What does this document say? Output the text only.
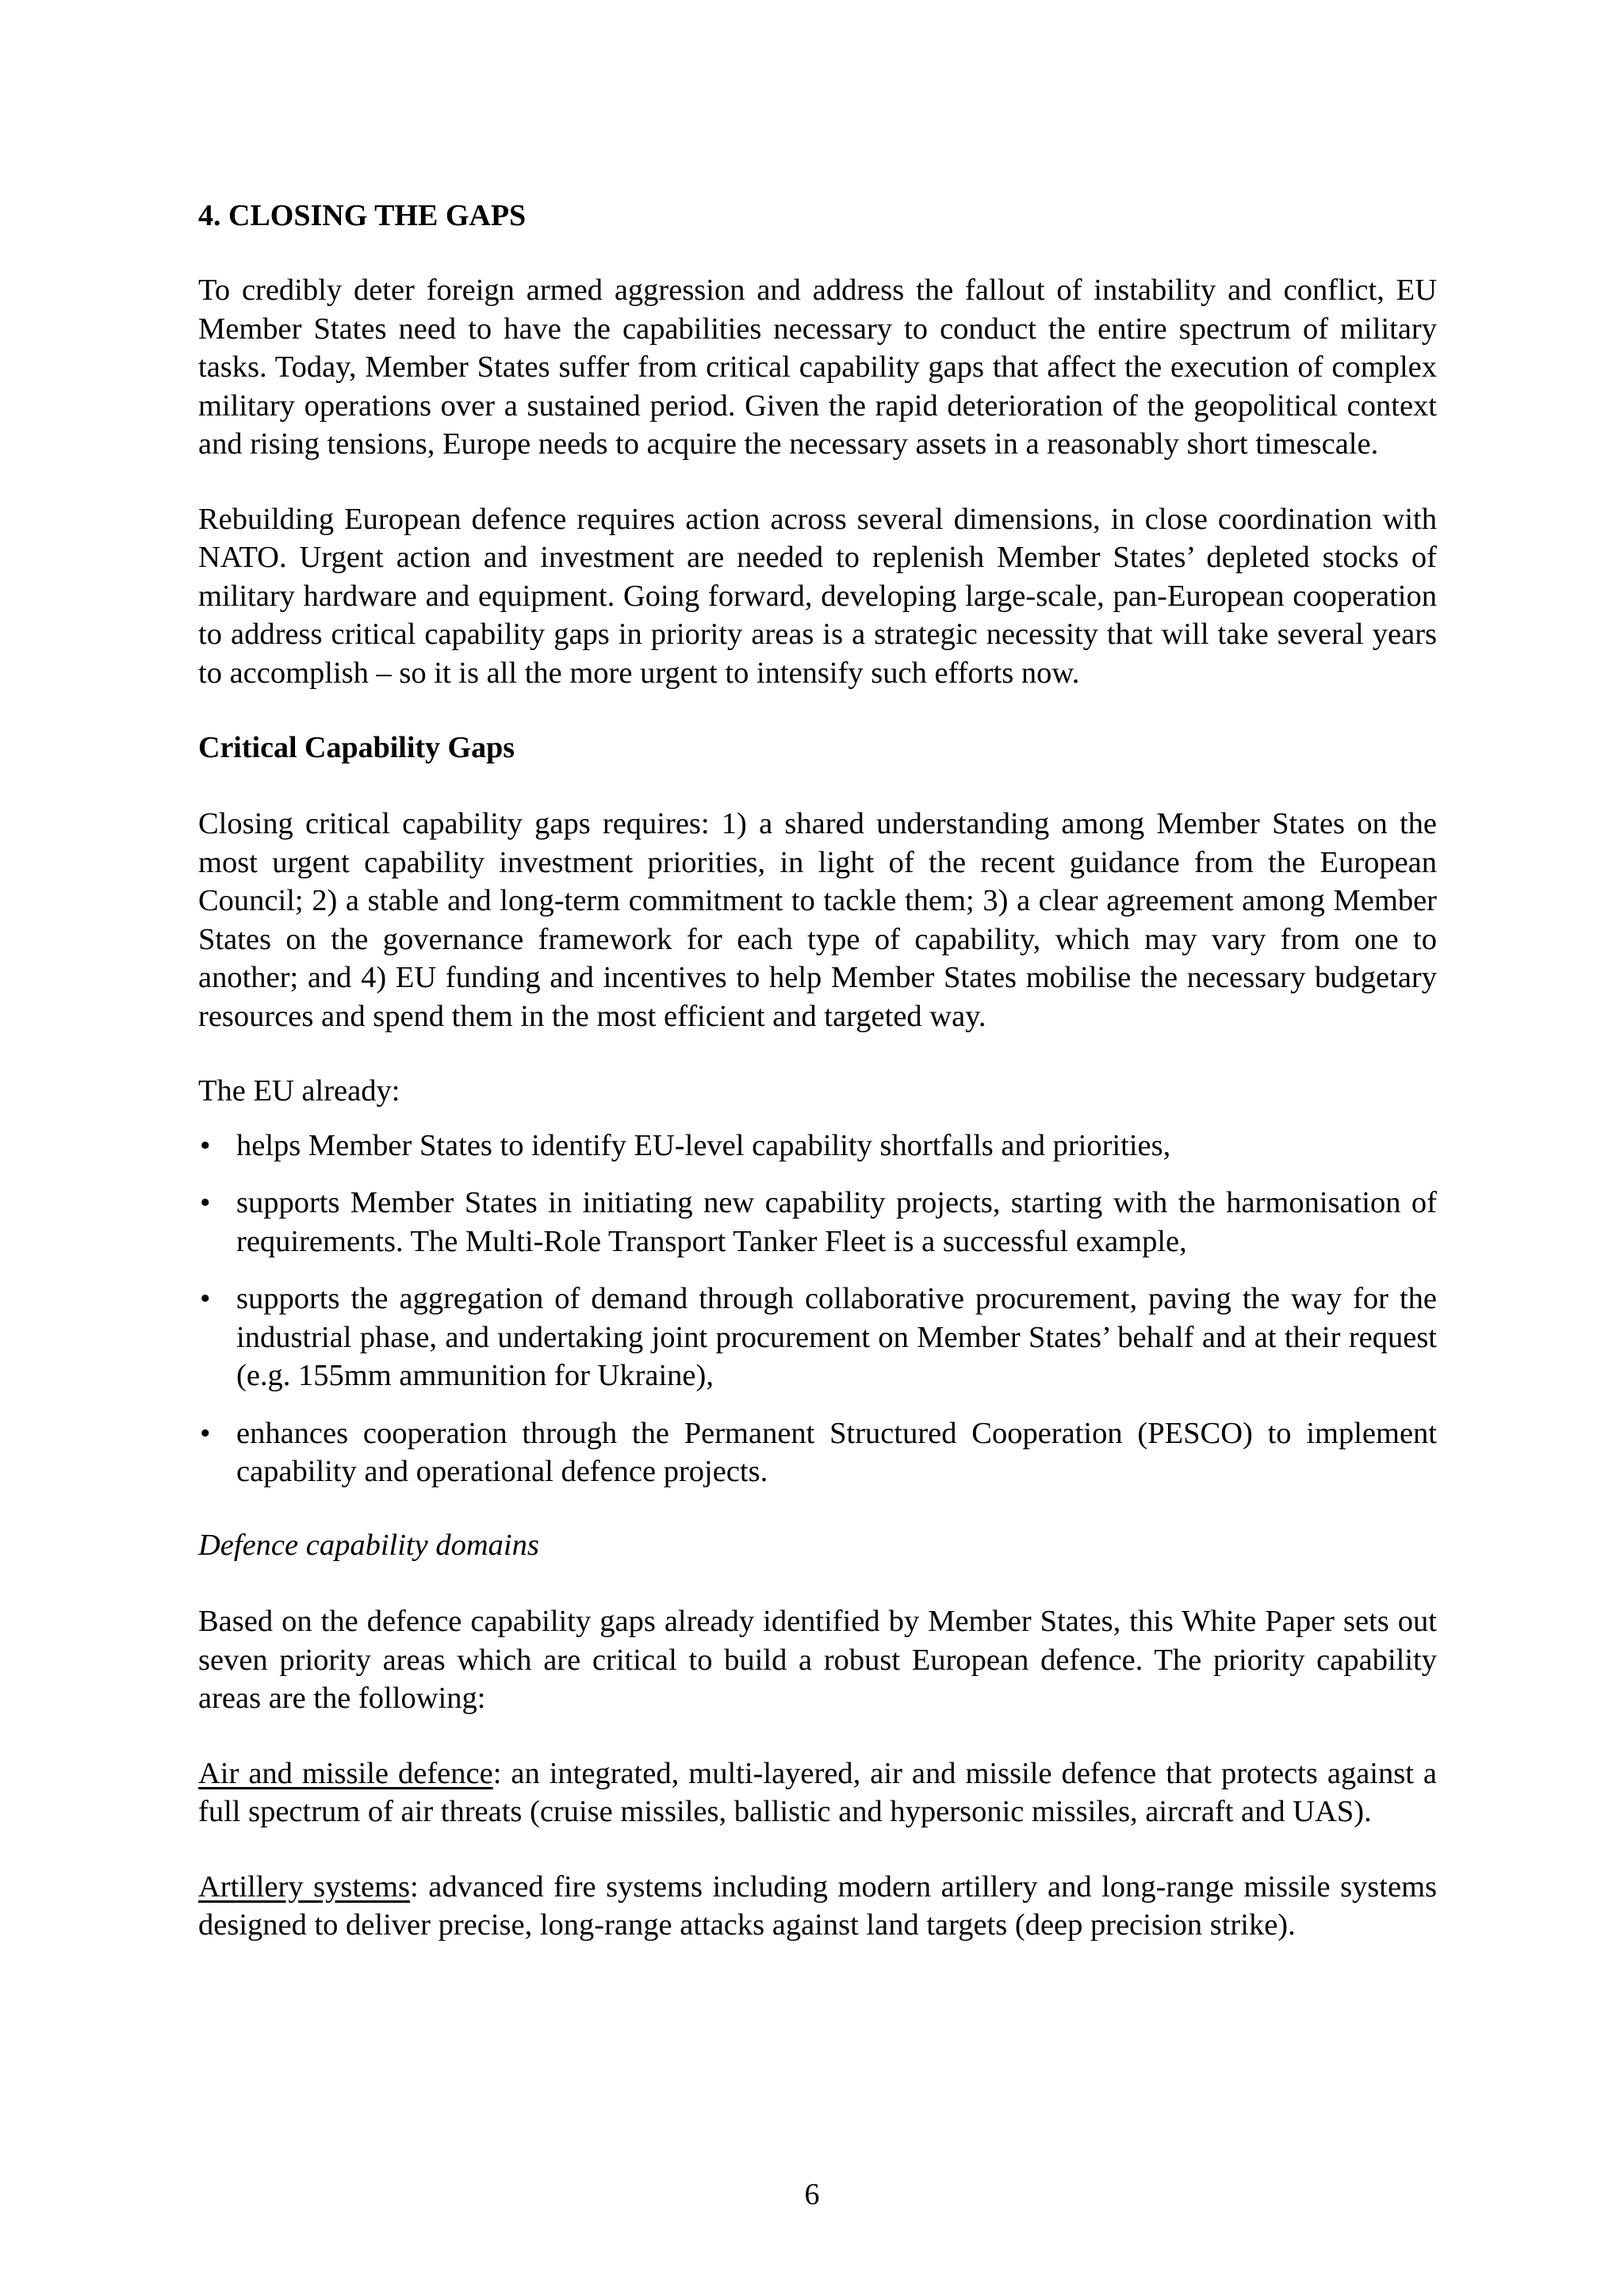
4. CLOSING THE GAPS

To credibly deter foreign armed aggression and address the fallout of instability and conflict, EU Member States need to have the capabilities necessary to conduct the entire spectrum of military tasks. Today, Member States suffer from critical capability gaps that affect the execution of complex military operations over a sustained period. Given the rapid deterioration of the geopolitical context and rising tensions, Europe needs to acquire the necessary assets in a reasonably short timescale.

Rebuilding European defence requires action across several dimensions, in close coordination with NATO. Urgent action and investment are needed to replenish Member States’ depleted stocks of military hardware and equipment. Going forward, developing large-scale, pan-European cooperation to address critical capability gaps in priority areas is a strategic necessity that will take several years to accomplish – so it is all the more urgent to intensify such efforts now.

Critical Capability Gaps

Closing critical capability gaps requires: 1) a shared understanding among Member States on the most urgent capability investment priorities, in light of the recent guidance from the European Council; 2) a stable and long-term commitment to tackle them; 3) a clear agreement among Member States on the governance framework for each type of capability, which may vary from one to another; and 4) EU funding and incentives to help Member States mobilise the necessary budgetary resources and spend them in the most efficient and targeted way.

The EU already:

• helps Member States to identify EU-level capability shortfalls and priorities,
• supports Member States in initiating new capability projects, starting with the harmonisation of requirements. The Multi-Role Transport Tanker Fleet is a successful example,
• supports the aggregation of demand through collaborative procurement, paving the way for the industrial phase, and undertaking joint procurement on Member States’ behalf and at their request (e.g. 155mm ammunition for Ukraine),
• enhances cooperation through the Permanent Structured Cooperation (PESCO) to implement capability and operational defence projects.

Defence capability domains

Based on the defence capability gaps already identified by Member States, this White Paper sets out seven priority areas which are critical to build a robust European defence. The priority capability areas are the following:

Air and missile defence: an integrated, multi-layered, air and missile defence that protects against a full spectrum of air threats (cruise missiles, ballistic and hypersonic missiles, aircraft and UAS).

Artillery systems: advanced fire systems including modern artillery and long-range missile systems designed to deliver precise, long-range attacks against land targets (deep precision strike).

6
